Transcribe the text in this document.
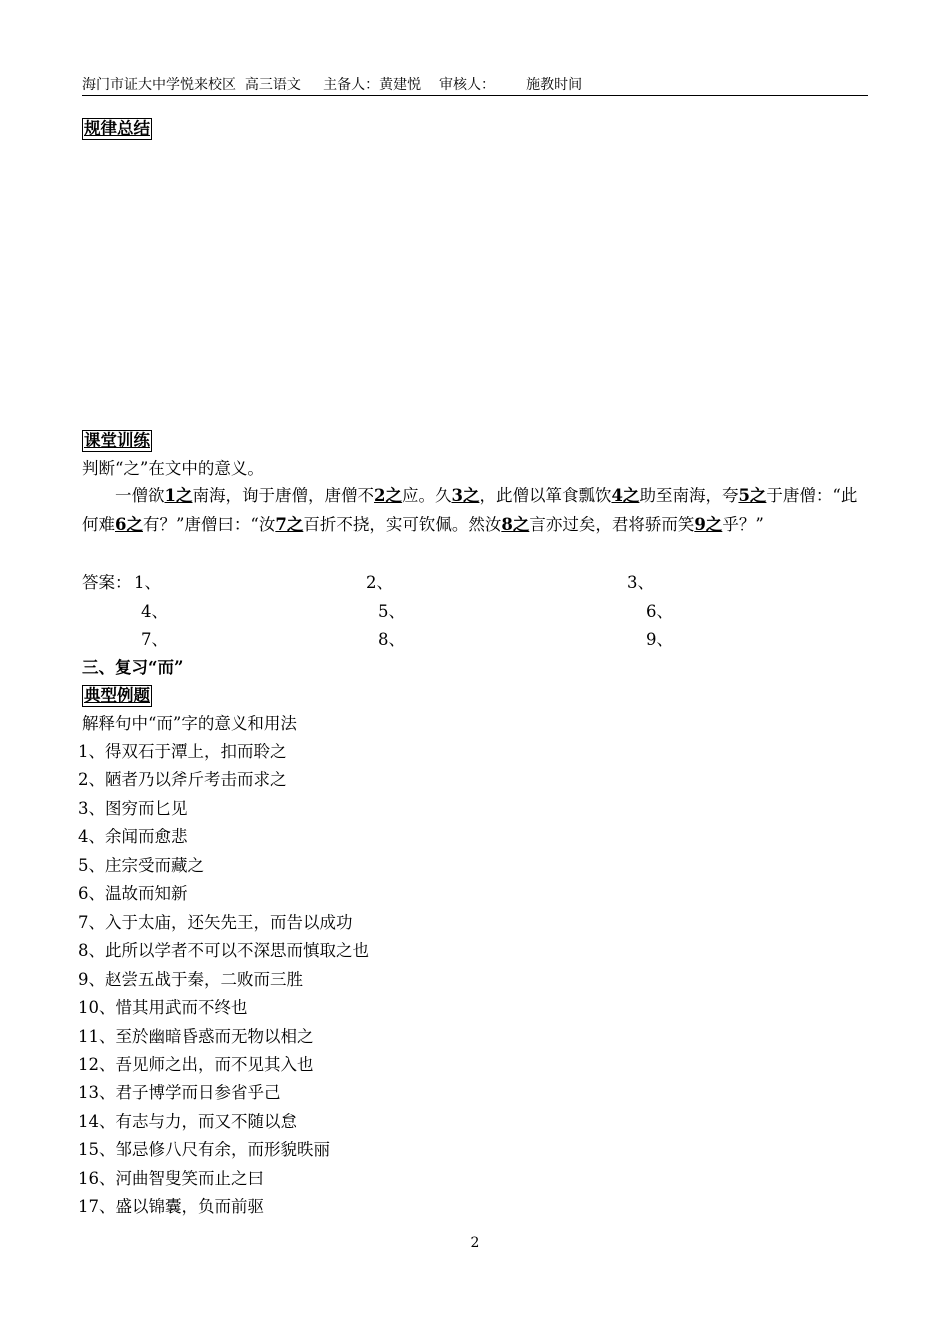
海门市证大中学悦来校区  高三语文     主备人：黄建悦    审核人：       施教时间
规律总结
课堂训练
判断“之”在文中的意义。
一僧欲1之南海，询于唐僧，唐僧不2之应。久3之，此僧以箪食瓢饮4之助至南海，夸5之于唐僧：“此何难6之有？”唐僧曰：“汝7之百折不挠，实可钦佩。然汝8之言亦过矣，君将骄而笑9之乎？”
答案： 1、	2、	3、
4、	5、	6、
7、	8、	9、
三、复习“而”
典型例题
解释句中“而”字的意义和用法
1、得双石于潭上，扣而聆之
2、陋者乃以斧斤考击而求之
3、图穷而匕见
4、余闻而愈悲
5、庄宗受而藏之
6、温故而知新
7、入于太庙，还矢先王，而告以成功
8、此所以学者不可以不深思而慎取之也
9、赵尝五战于秦，二败而三胜
10、惜其用武而不终也
11、至於幽暗昏惑而无物以相之
12、吾见师之出，而不见其入也
13、君子博学而日参省乎己
14、有志与力，而又不随以怠
15、邹忌修八尺有余，而形貌昳丽
16、河曲智叟笑而止之曰
17、盛以锦囊，负而前驱
2
